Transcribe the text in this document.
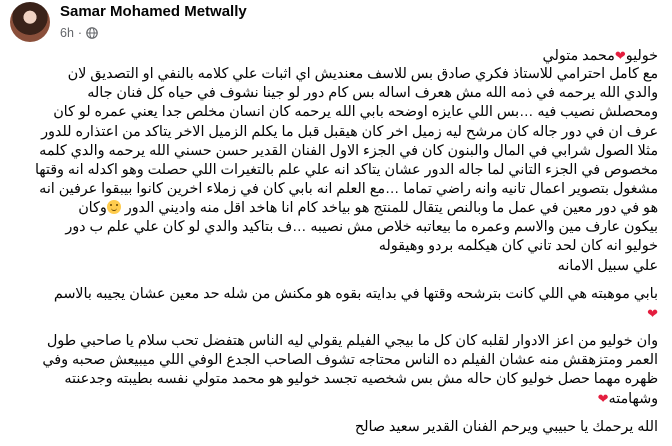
Samar Mohamed Metwally
6h ·
خوليو❤محمد متولي
مع كامل احترامي للاستاذ فكري صادق بس للاسف معنديش اي اثبات علي كلامه بالنفي او التصديق لان
والدي الله يرحمه في ذمه الله مش هعرف اساله بس كام دور لو جينا نشوف في حياه كل فنان جاله
ومحصلش نصيب فيه …بس اللي عايزه اوضحه بابي الله يرحمه كان انسان مخلص جدا يعني عمره لو كان
عرف ان في دور جاله كان مرشح ليه زميل اخر كان هيقبل قبل ما يكلم الزميل الاخر يتاكد من اعتذاره للدور
مثلا الصول شرابي في المال والبنون كان في الجزء الاول الفنان القدير حسن حسني الله يرحمه والدي كلمه
مخصوص في الجزء التاني لما جاله الدور عشان يتاكد انه علي علم بالتغيرات اللي حصلت وهو اكدله انه وقتها
مشغول بتصوير اعمال تانيه وانه راضي تماما …مع العلم انه بابي كان في زملاء اخرين كانوا بيبقوا عرفين انه
هو في دور معين في عمل ما وبالنص يتقال للمنتج هو بياخد كام انا هاخد اقل منه واديني الدور وكان
بيكون عارف مين والاسم وعمره ما بيعاتبه خلاص مش نصيبه …ف بتاكيد والدي لو كان علي علم ب دور
خوليو انه كان لحد تاني كان هيكلمه بردو وهيقوله
علي سبيل الامانه
بابي موهبته هي اللي كانت بترشحه وقتها في بدايته بقوه هو مكنش من شله حد معين عشان يجيبه بالاسم
❤
وان خوليو من اعز الادوار لقلبه كان كل ما بيجي الفيلم يقولي ليه الناس هتفضل تحب سلام يا صاحبي طول
العمر ومتزهقش منه عشان الفيلم ده الناس محتاجه تشوف الصاحب الجدع الوفي اللي ميبيعش صحبه وفي
ظهره مهما حصل خوليو كان حاله مش بس شخصيه تجسد خوليو هو محمد متولي نفسه بطيبته وجدعنته
وشهامته❤
الله يرحمك يا حبيبي ويرحم الفنان القدير سعيد صالح
